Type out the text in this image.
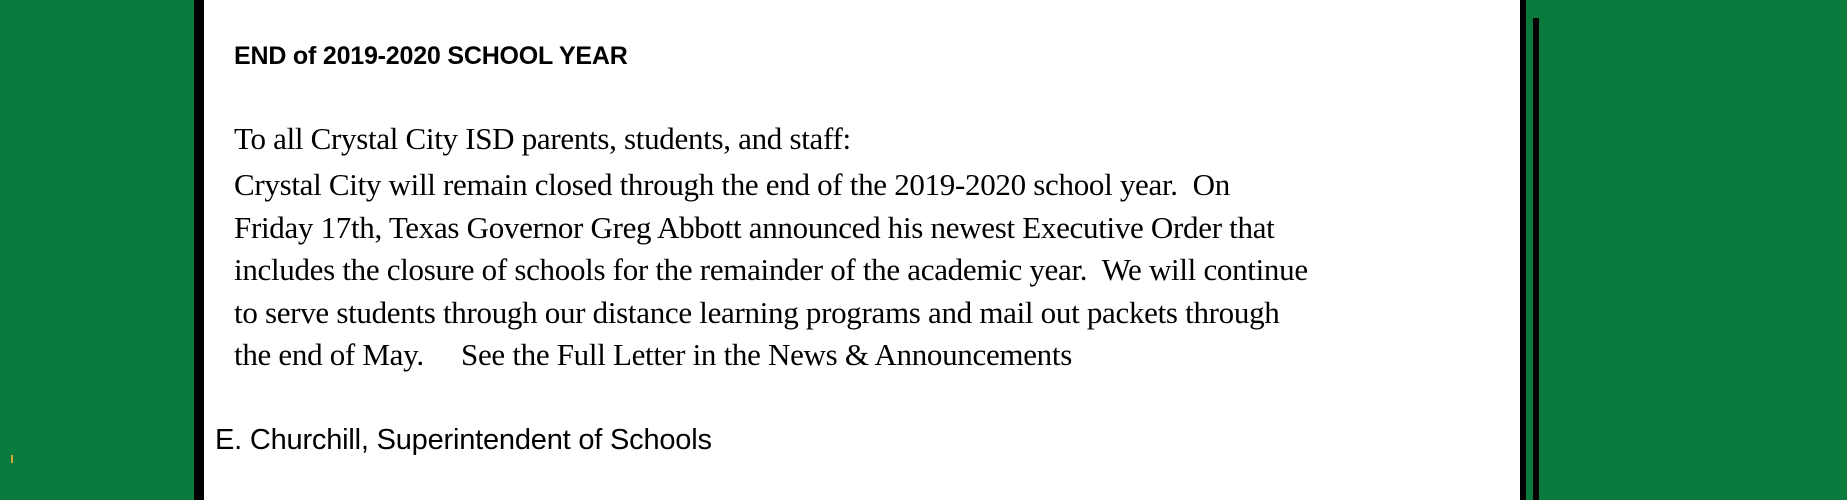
END of 2019-2020 SCHOOL YEAR
To all Crystal City ISD parents, students, and staff:
Crystal City will remain closed through the end of the 2019-2020 school year.  On
Friday 17th, Texas Governor Greg Abbott announced his newest Executive Order that
includes the closure of schools for the remainder of the academic year.  We will continue
to serve students through our distance learning programs and mail out packets through
the end of May.     See the Full Letter in the News & Announcements
E. Churchill, Superintendent of Schools
